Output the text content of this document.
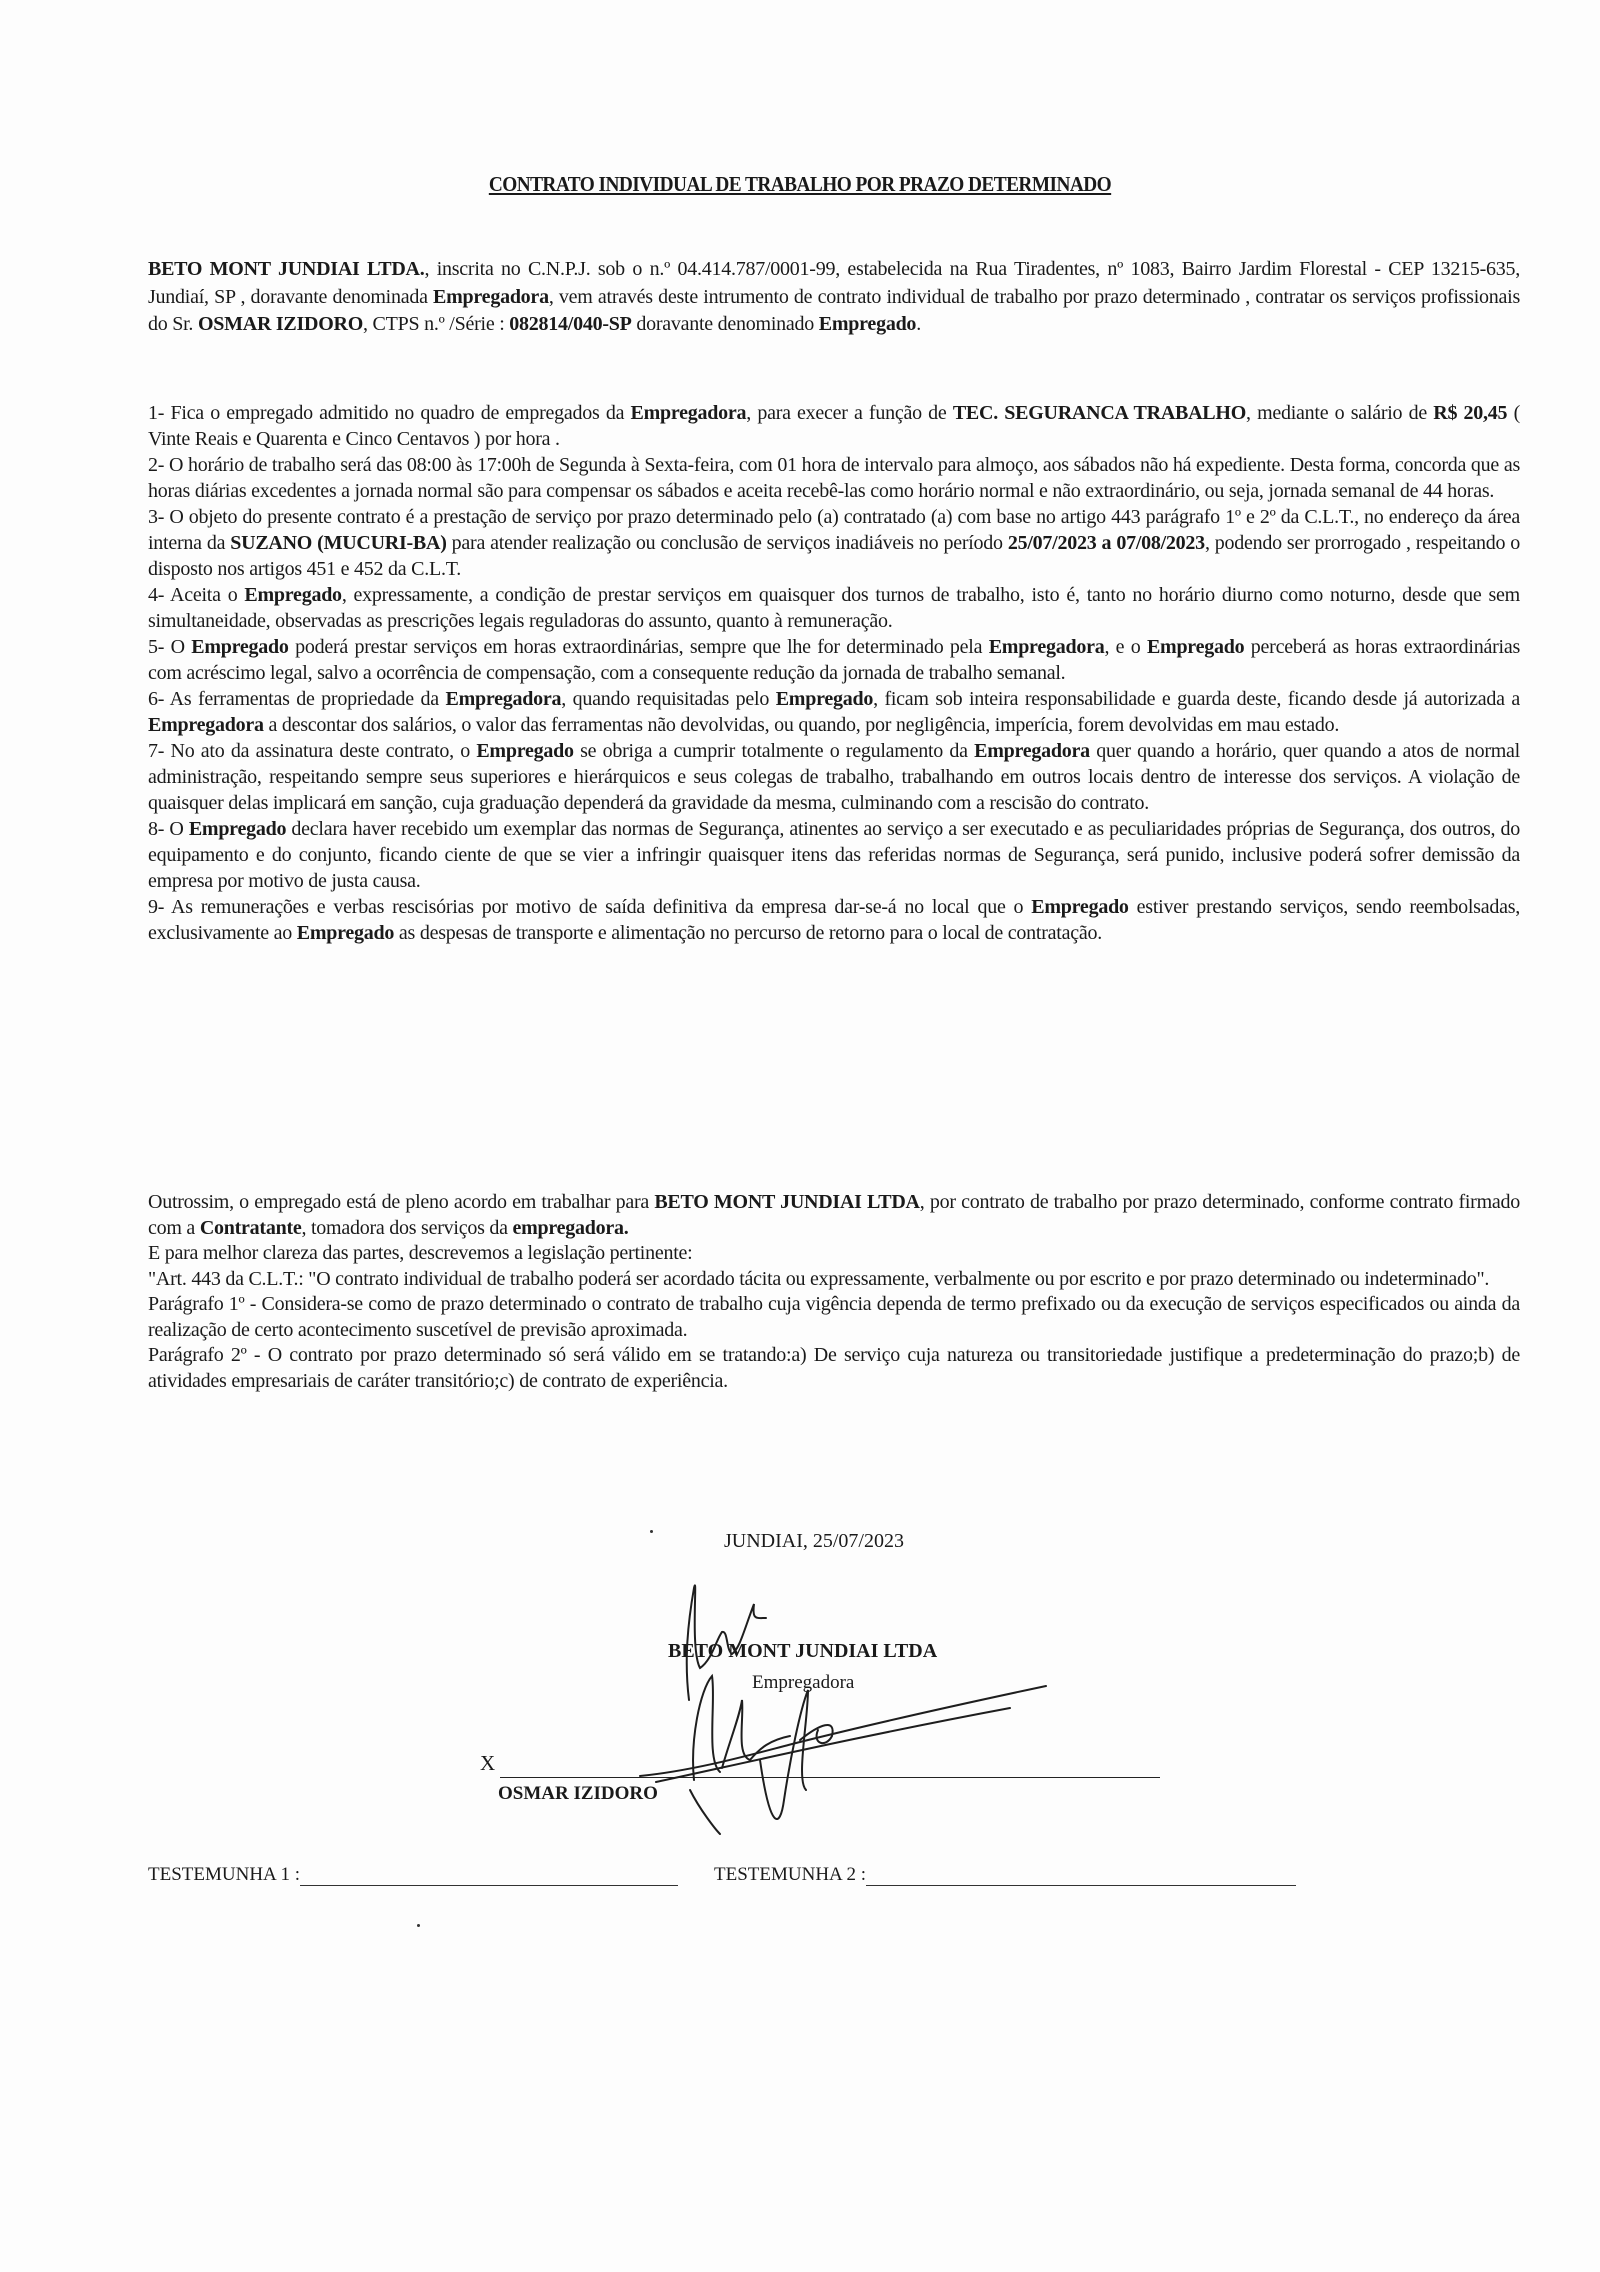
CONTRATO INDIVIDUAL DE TRABALHO POR PRAZO DETERMINADO

BETO MONT JUNDIAI LTDA., inscrita no C.N.P.J. sob o n.º 04.414.787/0001-99, estabelecida na Rua Tiradentes, nº 1083, Bairro Jardim Florestal - CEP 13215-635, Jundiaí, SP , doravante denominada Empregadora, vem através deste intrumento de contrato individual de trabalho por prazo determinado , contratar os serviços profissionais do Sr. OSMAR IZIDORO, CTPS n.º /Série : 082814/040-SP doravante denominado Empregado.

1- Fica o empregado admitido no quadro de empregados da Empregadora, para execer a função de TEC. SEGURANCA TRABALHO, mediante o salário de R$ 20,45 ( Vinte Reais e Quarenta e Cinco Centavos ) por hora .

2- O horário de trabalho será das 08:00 às 17:00h de Segunda à Sexta-feira, com 01 hora de intervalo para almoço, aos sábados não há expediente. Desta forma, concorda que as horas diárias excedentes a jornada normal são para compensar os sábados e aceita recebê-las como horário normal e não extraordinário, ou seja, jornada semanal de 44 horas.

3- O objeto do presente contrato é a prestação de serviço por prazo determinado pelo (a) contratado (a) com base no artigo 443 parágrafo 1º e 2º da C.L.T., no endereço da área interna da SUZANO (MUCURI-BA) para atender realização ou conclusão de serviços inadiáveis no período 25/07/2023 a 07/08/2023, podendo ser prorrogado , respeitando o disposto nos artigos 451 e 452 da C.L.T.

4- Aceita o Empregado, expressamente, a condição de prestar serviços em quaisquer dos turnos de trabalho, isto é, tanto no horário diurno como noturno, desde que sem simultaneidade, observadas as prescrições legais reguladoras do assunto, quanto à remuneração.

5- O Empregado poderá prestar serviços em horas extraordinárias, sempre que lhe for determinado pela Empregadora, e o Empregado perceberá as horas extraordinárias com acréscimo legal, salvo a ocorrência de compensação, com a consequente redução da jornada de trabalho semanal.

6- As ferramentas de propriedade da Empregadora, quando requisitadas pelo Empregado, ficam sob inteira responsabilidade e guarda deste, ficando desde já autorizada a Empregadora a descontar dos salários, o valor das ferramentas não devolvidas, ou quando, por negligência, imperícia, forem devolvidas em mau estado.

7- No ato da assinatura deste contrato, o Empregado se obriga a cumprir totalmente o regulamento da Empregadora quer quando a horário, quer quando a atos de normal administração, respeitando sempre seus superiores e hierárquicos e seus colegas de trabalho, trabalhando em outros locais dentro de interesse dos serviços. A violação de quaisquer delas implicará em sanção, cuja graduação dependerá da gravidade da mesma, culminando com a rescisão do contrato.

8- O Empregado declara haver recebido um exemplar das normas de Segurança, atinentes ao serviço a ser executado e as peculiaridades próprias de Segurança, dos outros, do equipamento e do conjunto, ficando ciente de que se vier a infringir quaisquer itens das referidas normas de Segurança, será punido, inclusive poderá sofrer demissão da empresa por motivo de justa causa.

9- As remunerações e verbas rescisórias por motivo de saída definitiva da empresa dar-se-á no local que o Empregado estiver prestando serviços, sendo reembolsadas, exclusivamente ao Empregado as despesas de transporte e alimentação no percurso de retorno para o local de contratação.

Outrossim, o empregado está de pleno acordo em trabalhar para BETO MONT JUNDIAI LTDA, por contrato de trabalho por prazo determinado, conforme contrato firmado com a Contratante, tomadora dos serviços da empregadora.

E para melhor clareza das partes, descrevemos a legislação pertinente:

"Art. 443 da C.L.T.: "O contrato individual de trabalho poderá ser acordado tácita ou expressamente, verbalmente ou por escrito e por prazo determinado ou indeterminado".

Parágrafo 1º - Considera-se como de prazo determinado o contrato de trabalho cuja vigência dependa de termo prefixado ou da execução de serviços especificados ou ainda da realização de certo acontecimento suscetível de previsão aproximada.

Parágrafo 2º - O contrato por prazo determinado só será válido em se tratando:a) De serviço cuja natureza ou transitoriedade justifique a predeterminação do prazo;b) de atividades empresariais de caráter transitório;c) de contrato de experiência.

JUNDIAI, 25/07/2023
BETO MONT JUNDIAI LTDA
Empregadora
X
OSMAR IZIDORO
TESTEMUNHA 1 :	TESTEMUNHA 2 :
